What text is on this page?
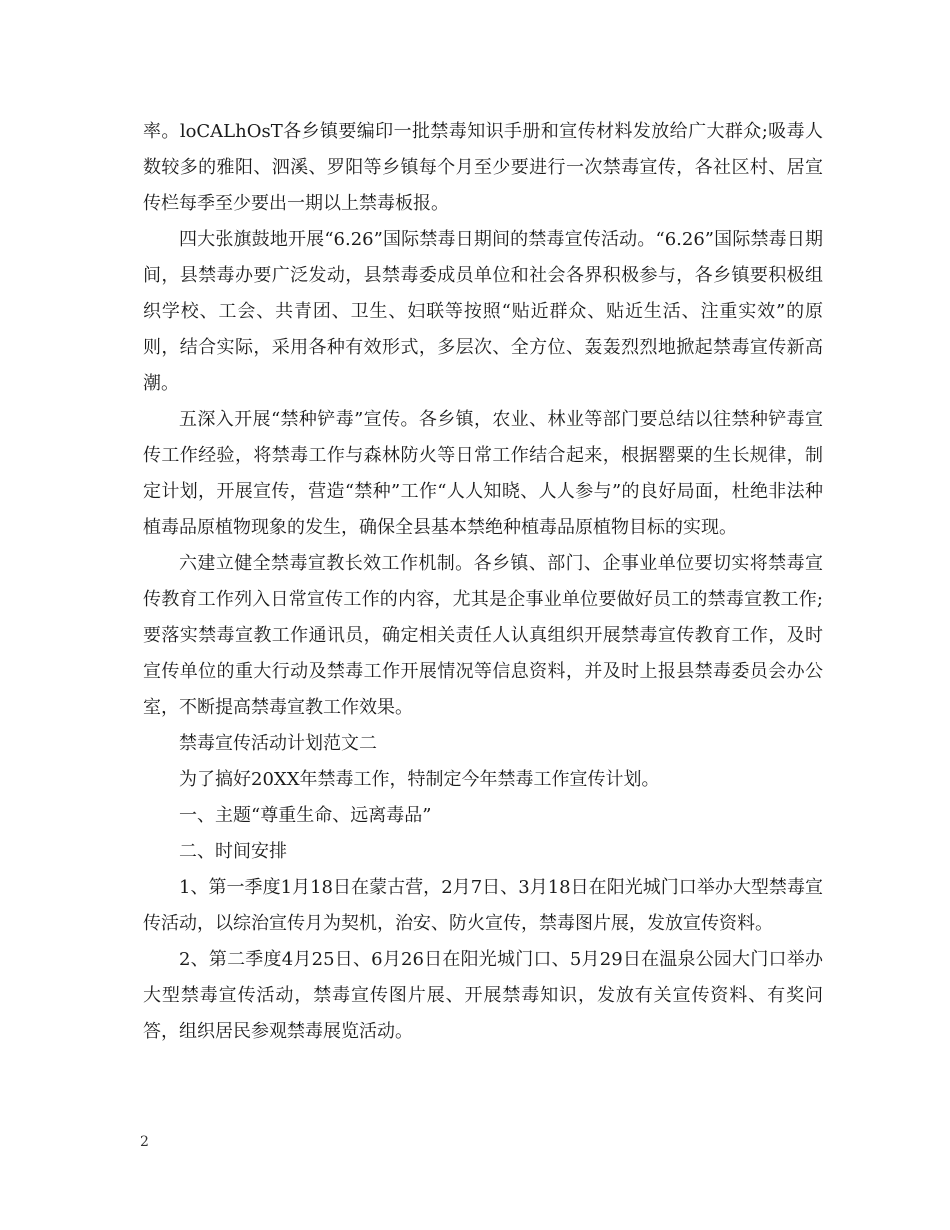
率。loCALhOsT各乡镇要编印一批禁毒知识手册和宣传材料发放给广大群众;吸毒人数较多的雅阳、泗溪、罗阳等乡镇每个月至少要进行一次禁毒宣传，各社区村、居宣传栏每季至少要出一期以上禁毒板报。

四大张旗鼓地开展“6.26”国际禁毒日期间的禁毒宣传活动。“6.26”国际禁毒日期间，县禁毒办要广泛发动，县禁毒委成员单位和社会各界积极参与，各乡镇要积极组织学校、工会、共青团、卫生、妇联等按照“贴近群众、贴近生活、注重实效”的原则，结合实际，采用各种有效形式，多层次、全方位、轰轰烈烈地掀起禁毒宣传新高潮。

五深入开展“禁种铲毒”宣传。各乡镇，农业、林业等部门要总结以往禁种铲毒宣传工作经验，将禁毒工作与森林防火等日常工作结合起来，根据罂粟的生长规律，制定计划，开展宣传，营造“禁种”工作“人人知晓、人人参与”的良好局面，杜绝非法种植毒品原植物现象的发生，确保全县基本禁绝种植毒品原植物目标的实现。

六建立健全禁毒宣教长效工作机制。各乡镇、部门、企事业单位要切实将禁毒宣传教育工作列入日常宣传工作的内容，尤其是企事业单位要做好员工的禁毒宣教工作;要落实禁毒宣教工作通讯员，确定相关责任人认真组织开展禁毒宣传教育工作，及时宣传单位的重大行动及禁毒工作开展情况等信息资料，并及时上报县禁毒委员会办公室，不断提高禁毒宣教工作效果。

禁毒宣传活动计划范文二

为了搞好20XX年禁毒工作，特制定今年禁毒工作宣传计划。

一、主题“尊重生命、远离毒品”

二、时间安排

1、第一季度1月18日在蒙古营，2月7日、3月18日在阳光城门口举办大型禁毒宣传活动，以综治宣传月为契机，治安、防火宣传，禁毒图片展，发放宣传资料。

2、第二季度4月25日、6月26日在阳光城门口、5月29日在温泉公园大门口举办大型禁毒宣传活动，禁毒宣传图片展、开展禁毒知识，发放有关宣传资料、有奖问答，组织居民参观禁毒展览活动。

2
